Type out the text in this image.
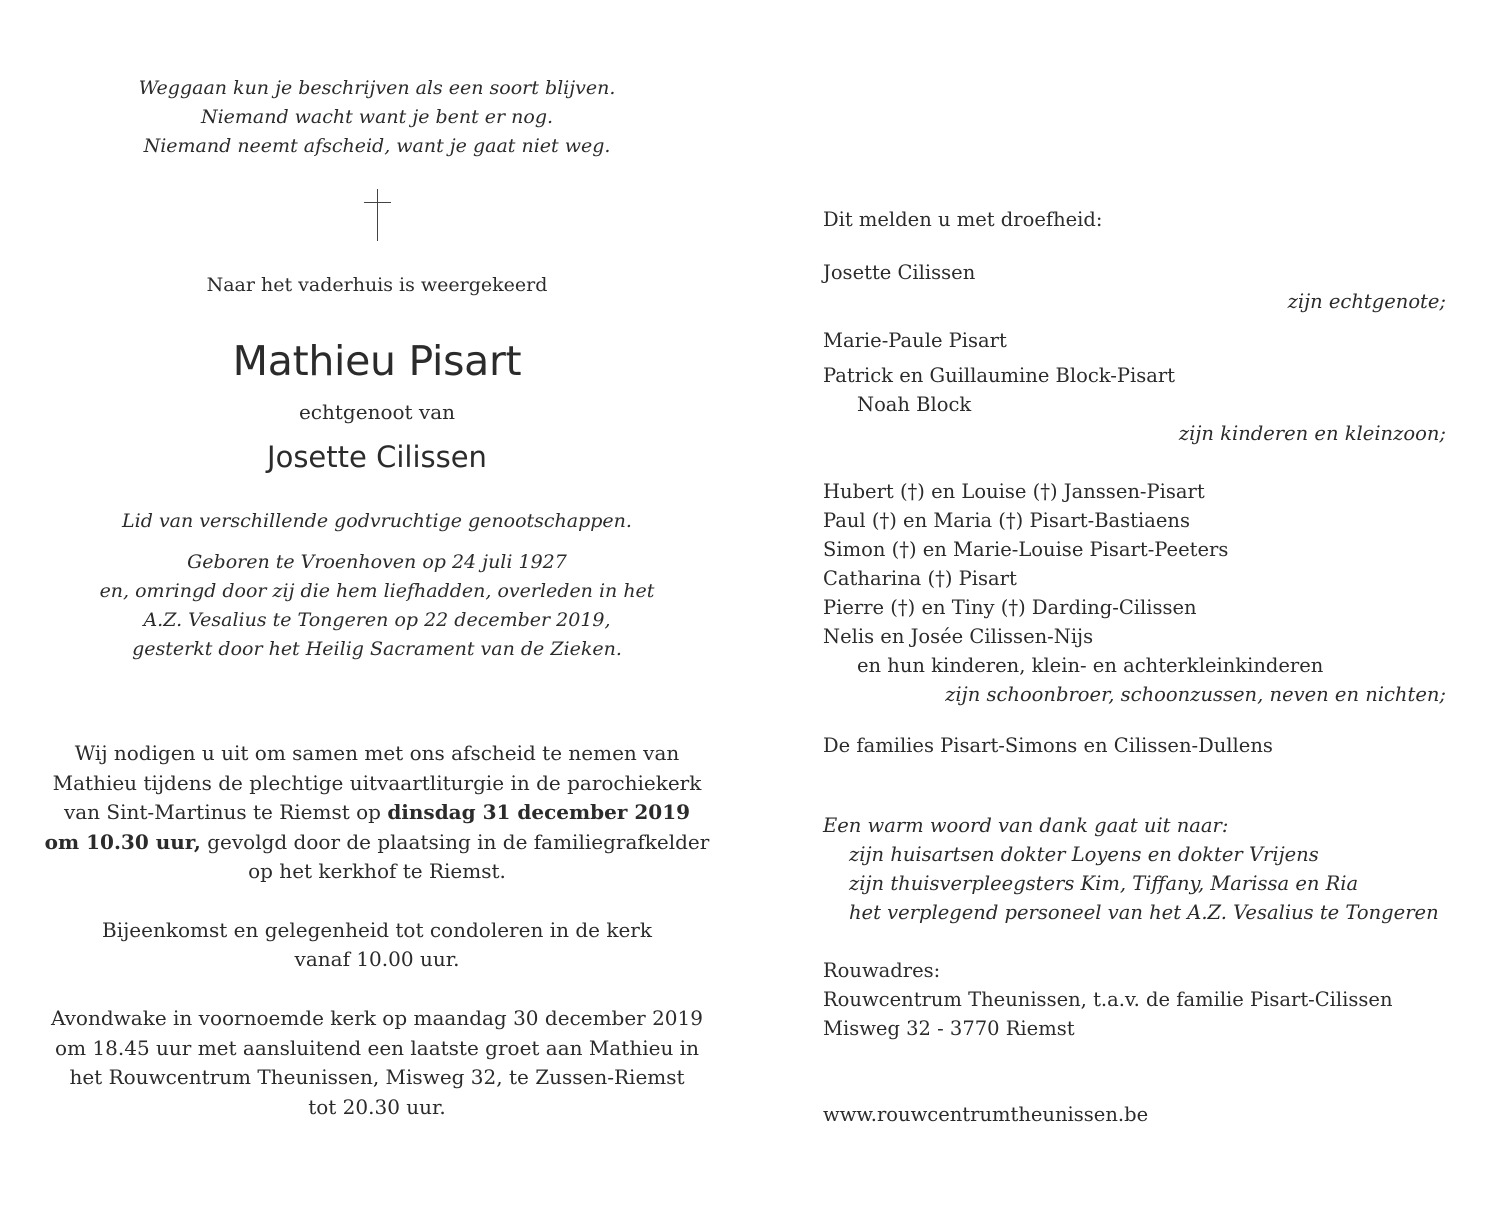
Weggaan kun je beschrijven als een soort blijven.
Niemand wacht want je bent er nog.
Niemand neemt afscheid, want je gaat niet weg.
Naar het vaderhuis is weergekeerd
Mathieu Pisart
echtgenoot van
Josette Cilissen
Lid van verschillende godvruchtige genootschappen.
Geboren te Vroenhoven op 24 juli 1927
en, omringd door zij die hem liefhadden, overleden in het
A.Z. Vesalius te Tongeren op 22 december 2019,
gesterkt door het Heilig Sacrament van de Zieken.
Wij nodigen u uit om samen met ons afscheid te nemen van
Mathieu tijdens de plechtige uitvaartliturgie in de parochiekerk
van Sint-Martinus te Riemst op dinsdag 31 december 2019
om 10.30 uur, gevolgd door de plaatsing in de familiegrafkelder
op het kerkhof te Riemst.
Bijeenkomst en gelegenheid tot condoleren in de kerk
vanaf 10.00 uur.
Avondwake in voornoemde kerk op maandag 30 december 2019
om 18.45 uur met aansluitend een laatste groet aan Mathieu in
het Rouwcentrum Theunissen, Misweg 32, te Zussen-Riemst
tot 20.30 uur.
Dit melden u met droefheid:
Josette Cilissen
zijn echtgenote;
Marie-Paule Pisart
Patrick en Guillaumine Block-Pisart
Noah Block
zijn kinderen en kleinzoon;
Hubert (†) en Louise (†) Janssen-Pisart
Paul (†) en Maria (†) Pisart-Bastiaens
Simon (†) en Marie-Louise Pisart-Peeters
Catharina (†) Pisart
Pierre (†) en Tiny (†) Darding-Cilissen
Nelis en Josée Cilissen-Nijs
en hun kinderen, klein- en achterkleinkinderen
zijn schoonbroer, schoonzussen, neven en nichten;
De families Pisart-Simons en Cilissen-Dullens
Een warm woord van dank gaat uit naar:
zijn huisartsen dokter Loyens en dokter Vrijens
zijn thuisverpleegsters Kim, Tiffany, Marissa en Ria
het verplegend personeel van het A.Z. Vesalius te Tongeren
Rouwadres:
Rouwcentrum Theunissen, t.a.v. de familie Pisart-Cilissen
Misweg 32 - 3770 Riemst
www.rouwcentrumtheunissen.be
